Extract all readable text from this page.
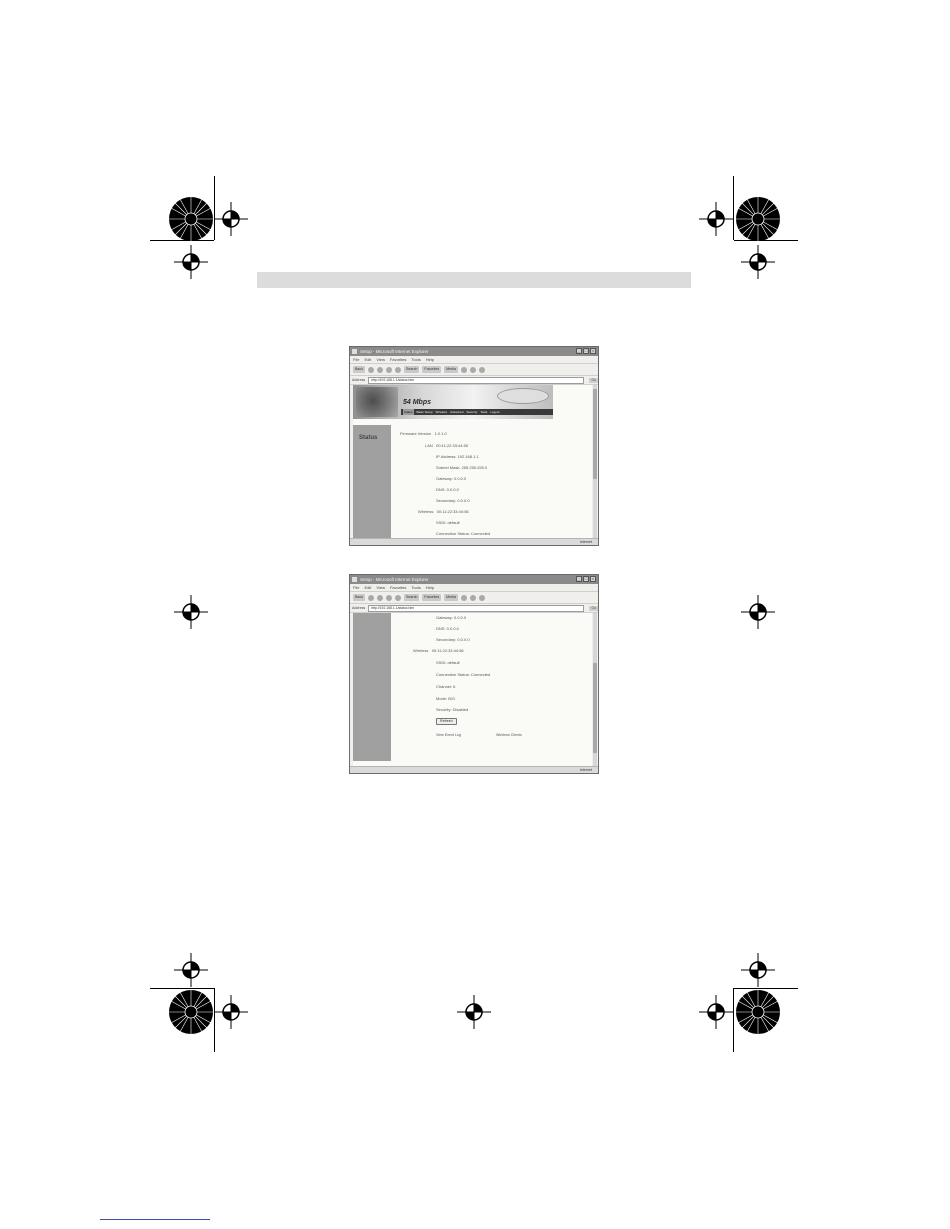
Setup - Microsoft Internet Explorer	_	□	×
File Edit View Favorites Tools Help
Back	Search	Favorites	Media
Address	http://192.168.1.1/status.htm	Go
54 Mbps
Status	Basic Setup Wireless Advanced Security Tools Logout
Status
Firmware Version 1.0.1.0
LAN 00:11:22:33:44:55
IP Address: 192.168.1.1
Subnet Mask: 255.255.255.0
Gateway: 0.0.0.0
DNS: 0.0.0.0
Secondary: 0.0.0.0
Wireless 00:11:22:33:44:56
SSID: default
Connection Status: Connected
Internet
Setup - Microsoft Internet Explorer	_	□	×
File Edit View Favorites Tools Help
Back	Search	Favorites	Media
Address	http://192.168.1.1/status.htm	Go
Gateway: 0.0.0.0
DNS: 0.0.0.0
Secondary: 0.0.0.0
Wireless 00:11:22:33:44:56
SSID: default
Connection Status: Connected
Channel: 6
Mode: B/G
Security: Disabled
Refresh
View Event Log	Wireless Clients
Internet
